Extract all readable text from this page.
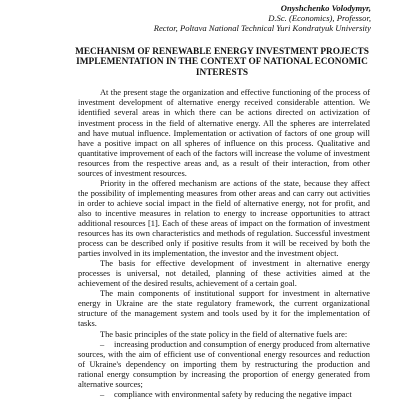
Onyshchenko Volodymyr,
D.Sc. (Economics), Professor,
Rector, Poltava National Technical Yuri Kondratyuk University
MECHANISM OF RENEWABLE ENERGY INVESTMENT PROJECTS
IMPLEMENTATION IN THE CONTEXT OF NATIONAL ECONOMIC
INTERESTS

At the present stage the organization and effective functioning of the process of investment development of alternative energy received considerable attention. We identified several areas in which there can be actions directed on activization of investment process in the field of alternative energy. All the spheres are interrelated and have mutual influence. Implementation or activation of factors of one group will have a positive impact on all spheres of influence on this process. Qualitative and quantitative improvement of each of the factors will increase the volume of investment resources from the respective areas and, as a result of their interaction, from other sources of investment resources.

Priority in the offered mechanism are actions of the state, because they affect the possibility of implementing measures from other areas and can carry out activities in order to achieve social impact in the field of alternative energy, not for profit, and also to incentive measures in relation to energy to increase opportunities to attract additional resources [1]. Each of these areas of impact on the formation of investment resources has its own characteristics and methods of regulation. Successful investment process can be described only if positive results from it will be received by both the parties involved in its implementation, the investor and the investment object.

The basis for effective development of investment in alternative energy processes is universal, not detailed, planning of these activities aimed at the achievement of the desired results, achievement of a certain goal.

The main components of institutional support for investment in alternative energy in Ukraine are the state regulatory framework, the current organizational structure of the management system and tools used by it for the implementation of tasks.

The basic principles of the state policy in the field of alternative fuels are:

– increasing production and consumption of energy produced from alternative sources, with the aim of efficient use of conventional energy resources and reduction of Ukraine's dependency on importing them by restructuring the production and rational energy consumption by increasing the proportion of energy generated from alternative sources;
– compliance with environmental safety by reducing the negative impact
